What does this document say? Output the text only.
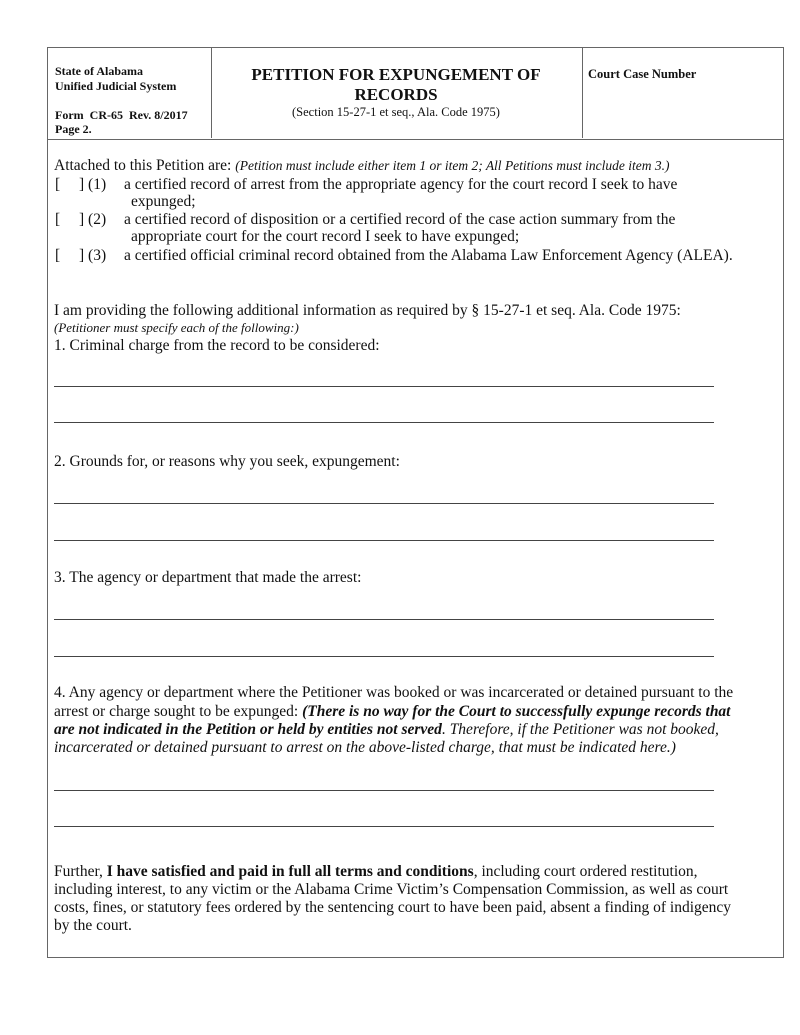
State of Alabama
Unified Judicial System
Form  CR-65  Rev. 8/2017
Page 2.
PETITION FOR EXPUNGEMENT OF
RECORDS
(Section 15-27-1 et seq., Ala. Code 1975)
Court Case Number
Attached to this Petition are: (Petition must include either item 1 or item 2; All Petitions must include item 3.)
[ ] (1) a certified record of arrest from the appropriate agency for the court record I seek to have
expunged;
[ ] (2) a certified record of disposition or a certified record of the case action summary from the
appropriate court for the court record I seek to have expunged;
[ ] (3) a certified official criminal record obtained from the Alabama Law Enforcement Agency (ALEA).
I am providing the following additional information as required by § 15-27-1 et seq. Ala. Code 1975:
(Petitioner must specify each of the following:)
1. Criminal charge from the record to be considered:
2. Grounds for, or reasons why you seek, expungement:
3. The agency or department that made the arrest:
4. Any agency or department where the Petitioner was booked or was incarcerated or detained pursuant to the
arrest or charge sought to be expunged: (There is no way for the Court to successfully expunge records that
are not indicated in the Petition or held by entities not served. Therefore, if the Petitioner was not booked,
incarcerated or detained pursuant to arrest on the above-listed charge, that must be indicated here.)
Further, I have satisfied and paid in full all terms and conditions, including court ordered restitution,
including interest, to any victim or the Alabama Crime Victim’s Compensation Commission, as well as court
costs, fines, or statutory fees ordered by the sentencing court to have been paid, absent a finding of indigency
by the court.
